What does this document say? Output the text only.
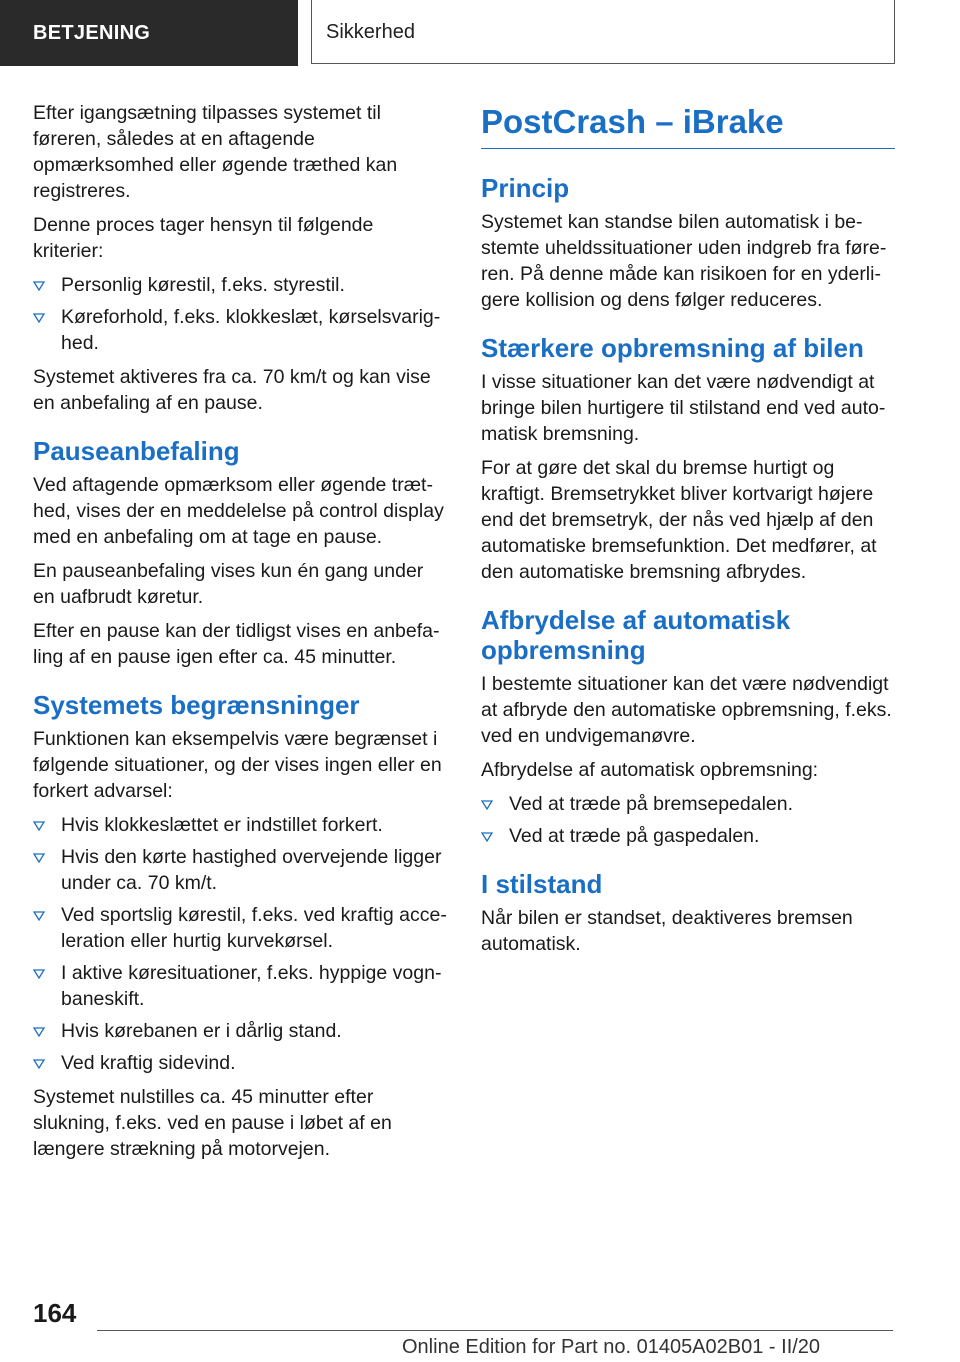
BETJENING	Sikkerhed

Efter igangsætning tilpasses systemet til føreren, således at en aftagende opmærksomhed eller øgende træthed kan registreres.

Denne proces tager hensyn til følgende kriterier:

Personlig kørestil, f.eks. styrestil.
Køreforhold, f.eks. klokkeslæt, kørselsvarighed.

Systemet aktiveres fra ca. 70 km/t og kan vise en anbefaling af en pause.

Pauseanbefaling

Ved aftagende opmærksom eller øgende træthed, vises der en meddelelse på control display med en anbefaling om at tage en pause.

En pauseanbefaling vises kun én gang under en uafbrudt køretur.

Efter en pause kan der tidligst vises en anbefaling af en pause igen efter ca. 45 minutter.

Systemets begrænsninger

Funktionen kan eksempelvis være begrænset i følgende situationer, og der vises ingen eller en forkert advarsel:

Hvis klokkeslættet er indstillet forkert.
Hvis den kørte hastighed overvejende ligger under ca. 70 km/t.
Ved sportslig kørestil, f.eks. ved kraftig acceleration eller hurtig kurvekørsel.
I aktive køresituationer, f.eks. hyppige vognbaneskift.
Hvis kørebanen er i dårlig stand.
Ved kraftig sidevind.

Systemet nulstilles ca. 45 minutter efter slukning, f.eks. ved en pause i løbet af en længere strækning på motorvejen.

PostCrash – iBrake
Princip

Systemet kan standse bilen automatisk i bestemte uheldssituationer uden indgreb fra føreren. På denne måde kan risikoen for en yderligere kollision og dens følger reduceres.

Stærkere opbremsning af bilen

I visse situationer kan det være nødvendigt at bringe bilen hurtigere til stilstand end ved automatisk bremsning.

For at gøre det skal du bremse hurtigt og kraftigt. Bremsetrykket bliver kortvarigt højere end det bremsetryk, der nås ved hjælp af den automatiske bremsefunktion. Det medfører, at den automatiske bremsning afbrydes.

Afbrydelse af automatisk opbremsning

I bestemte situationer kan det være nødvendigt at afbryde den automatiske opbremsning, f.eks. ved en undvigemanøvre.

Afbrydelse af automatisk opbremsning:

Ved at træde på bremsepedalen.
Ved at træde på gaspedalen.
I stilstand

Når bilen er standset, deaktiveres bremsen automatisk.

164
Online Edition for Part no. 01405A02B01 - II/20
